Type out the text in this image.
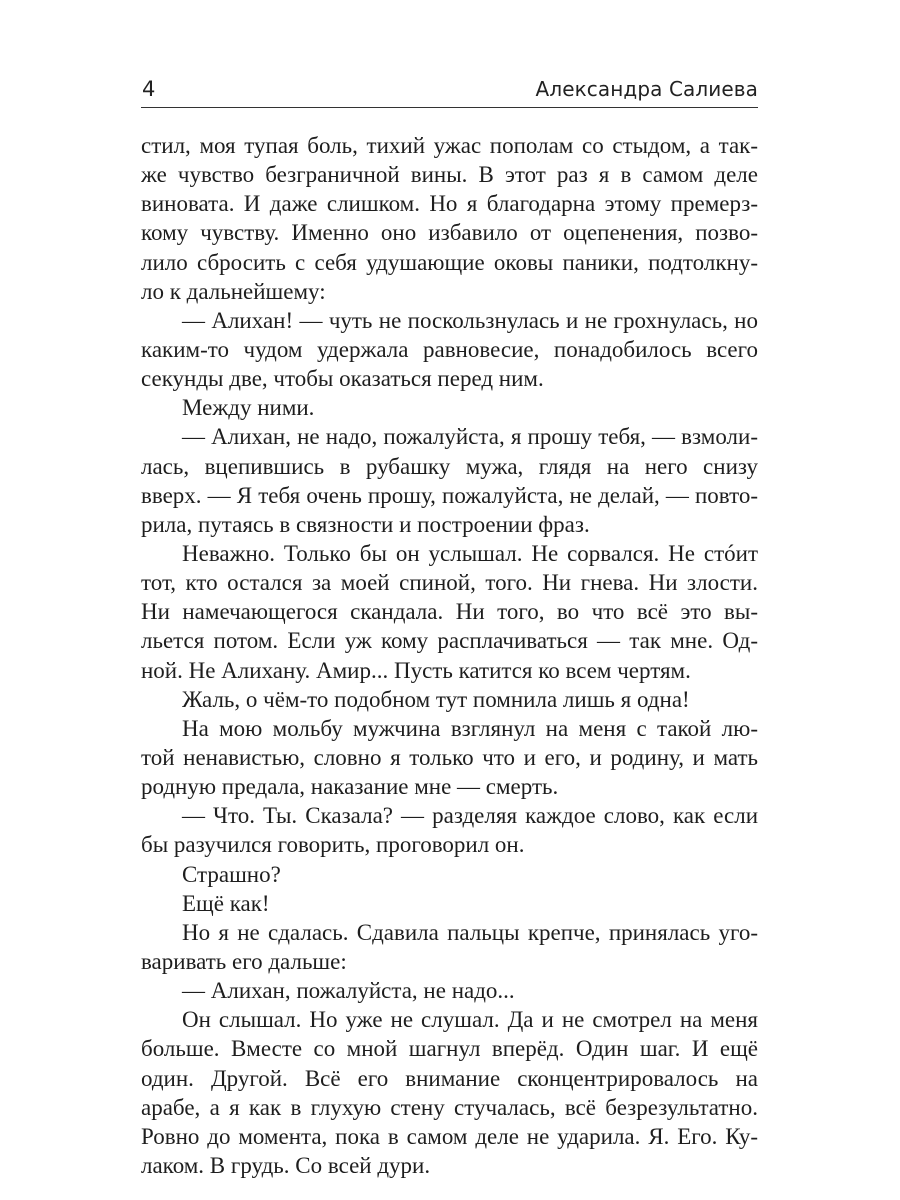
4	Александра Салиева
стил, моя тупая боль, тихий ужас пополам со стыдом, а так-
же чувство безграничной вины. В этот раз я в самом деле
виновата. И даже слишком. Но я благодарна этому премерз-
кому чувству. Именно оно избавило от оцепенения, позво-
лило сбросить с себя удушающие оковы паники, подтолкну-
ло к дальнейшему:
— Алихан! — чуть не поскользнулась и не грохнулась, но
каким-то чудом удержала равновесие, понадобилось всего
секунды две, чтобы оказаться перед ним.
Между ними.
— Алихан, не надо, пожалуйста, я прошу тебя, — взмоли-
лась, вцепившись в рубашку мужа, глядя на него снизу
вверх. — Я тебя очень прошу, пожалуйста, не делай, — повто-
рила, путаясь в связности и построении фраз.
Неважно. Только бы он услышал. Не сорвался. Не стóит
тот, кто остался за моей спиной, того. Ни гнева. Ни злости.
Ни намечающегося скандала. Ни того, во что всё это вы-
льется потом. Если уж кому расплачиваться — так мне. Од-
ной. Не Алихану. Амир... Пусть катится ко всем чертям.
Жаль, о чём-то подобном тут помнила лишь я одна!
На мою мольбу мужчина взглянул на меня с такой лю-
той ненавистью, словно я только что и его, и родину, и мать
родную предала, наказание мне — смерть.
— Что. Ты. Сказала? — разделяя каждое слово, как если
бы разучился говорить, проговорил он.
Страшно?
Ещё как!
Но я не сдалась. Сдавила пальцы крепче, принялась уго-
варивать его дальше:
— Алихан, пожалуйста, не надо...
Он слышал. Но уже не слушал. Да и не смотрел на меня
больше. Вместе со мной шагнул вперёд. Один шаг. И ещё
один. Другой. Всё его внимание сконцентрировалось на
арабе, а я как в глухую стену стучалась, всё безрезультатно.
Ровно до момента, пока в самом деле не ударила. Я. Его. Ку-
лаком. В грудь. Со всей дури.
